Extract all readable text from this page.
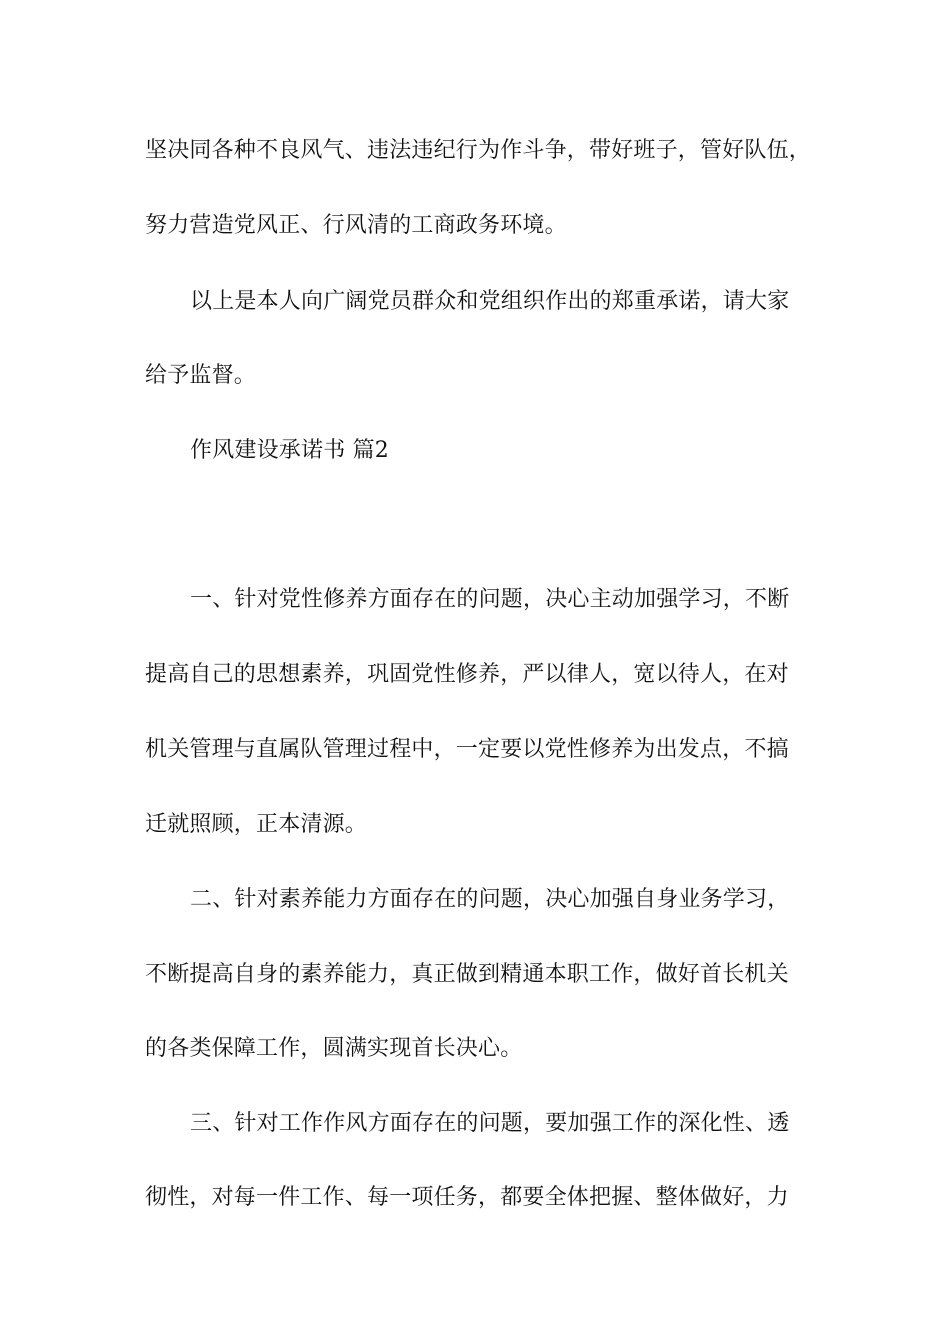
坚决同各种不良风气、违法违纪行为作斗争，带好班子，管好队伍，
努力营造党风正、行风清的工商政务环境。
以上是本人向广阔党员群众和党组织作出的郑重承诺，请大家
给予监督。
作风建设承诺书 篇2
一、针对党性修养方面存在的问题，决心主动加强学习，不断
提高自己的思想素养，巩固党性修养，严以律人，宽以待人，在对
机关管理与直属队管理过程中，一定要以党性修养为出发点，不搞
迁就照顾，正本清源。
二、针对素养能力方面存在的问题，决心加强自身业务学习，
不断提高自身的素养能力，真正做到精通本职工作，做好首长机关
的各类保障工作，圆满实现首长决心。
三、针对工作作风方面存在的问题，要加强工作的深化性、透
彻性，对每一件工作、每一项任务，都要全体把握、整体做好，力
